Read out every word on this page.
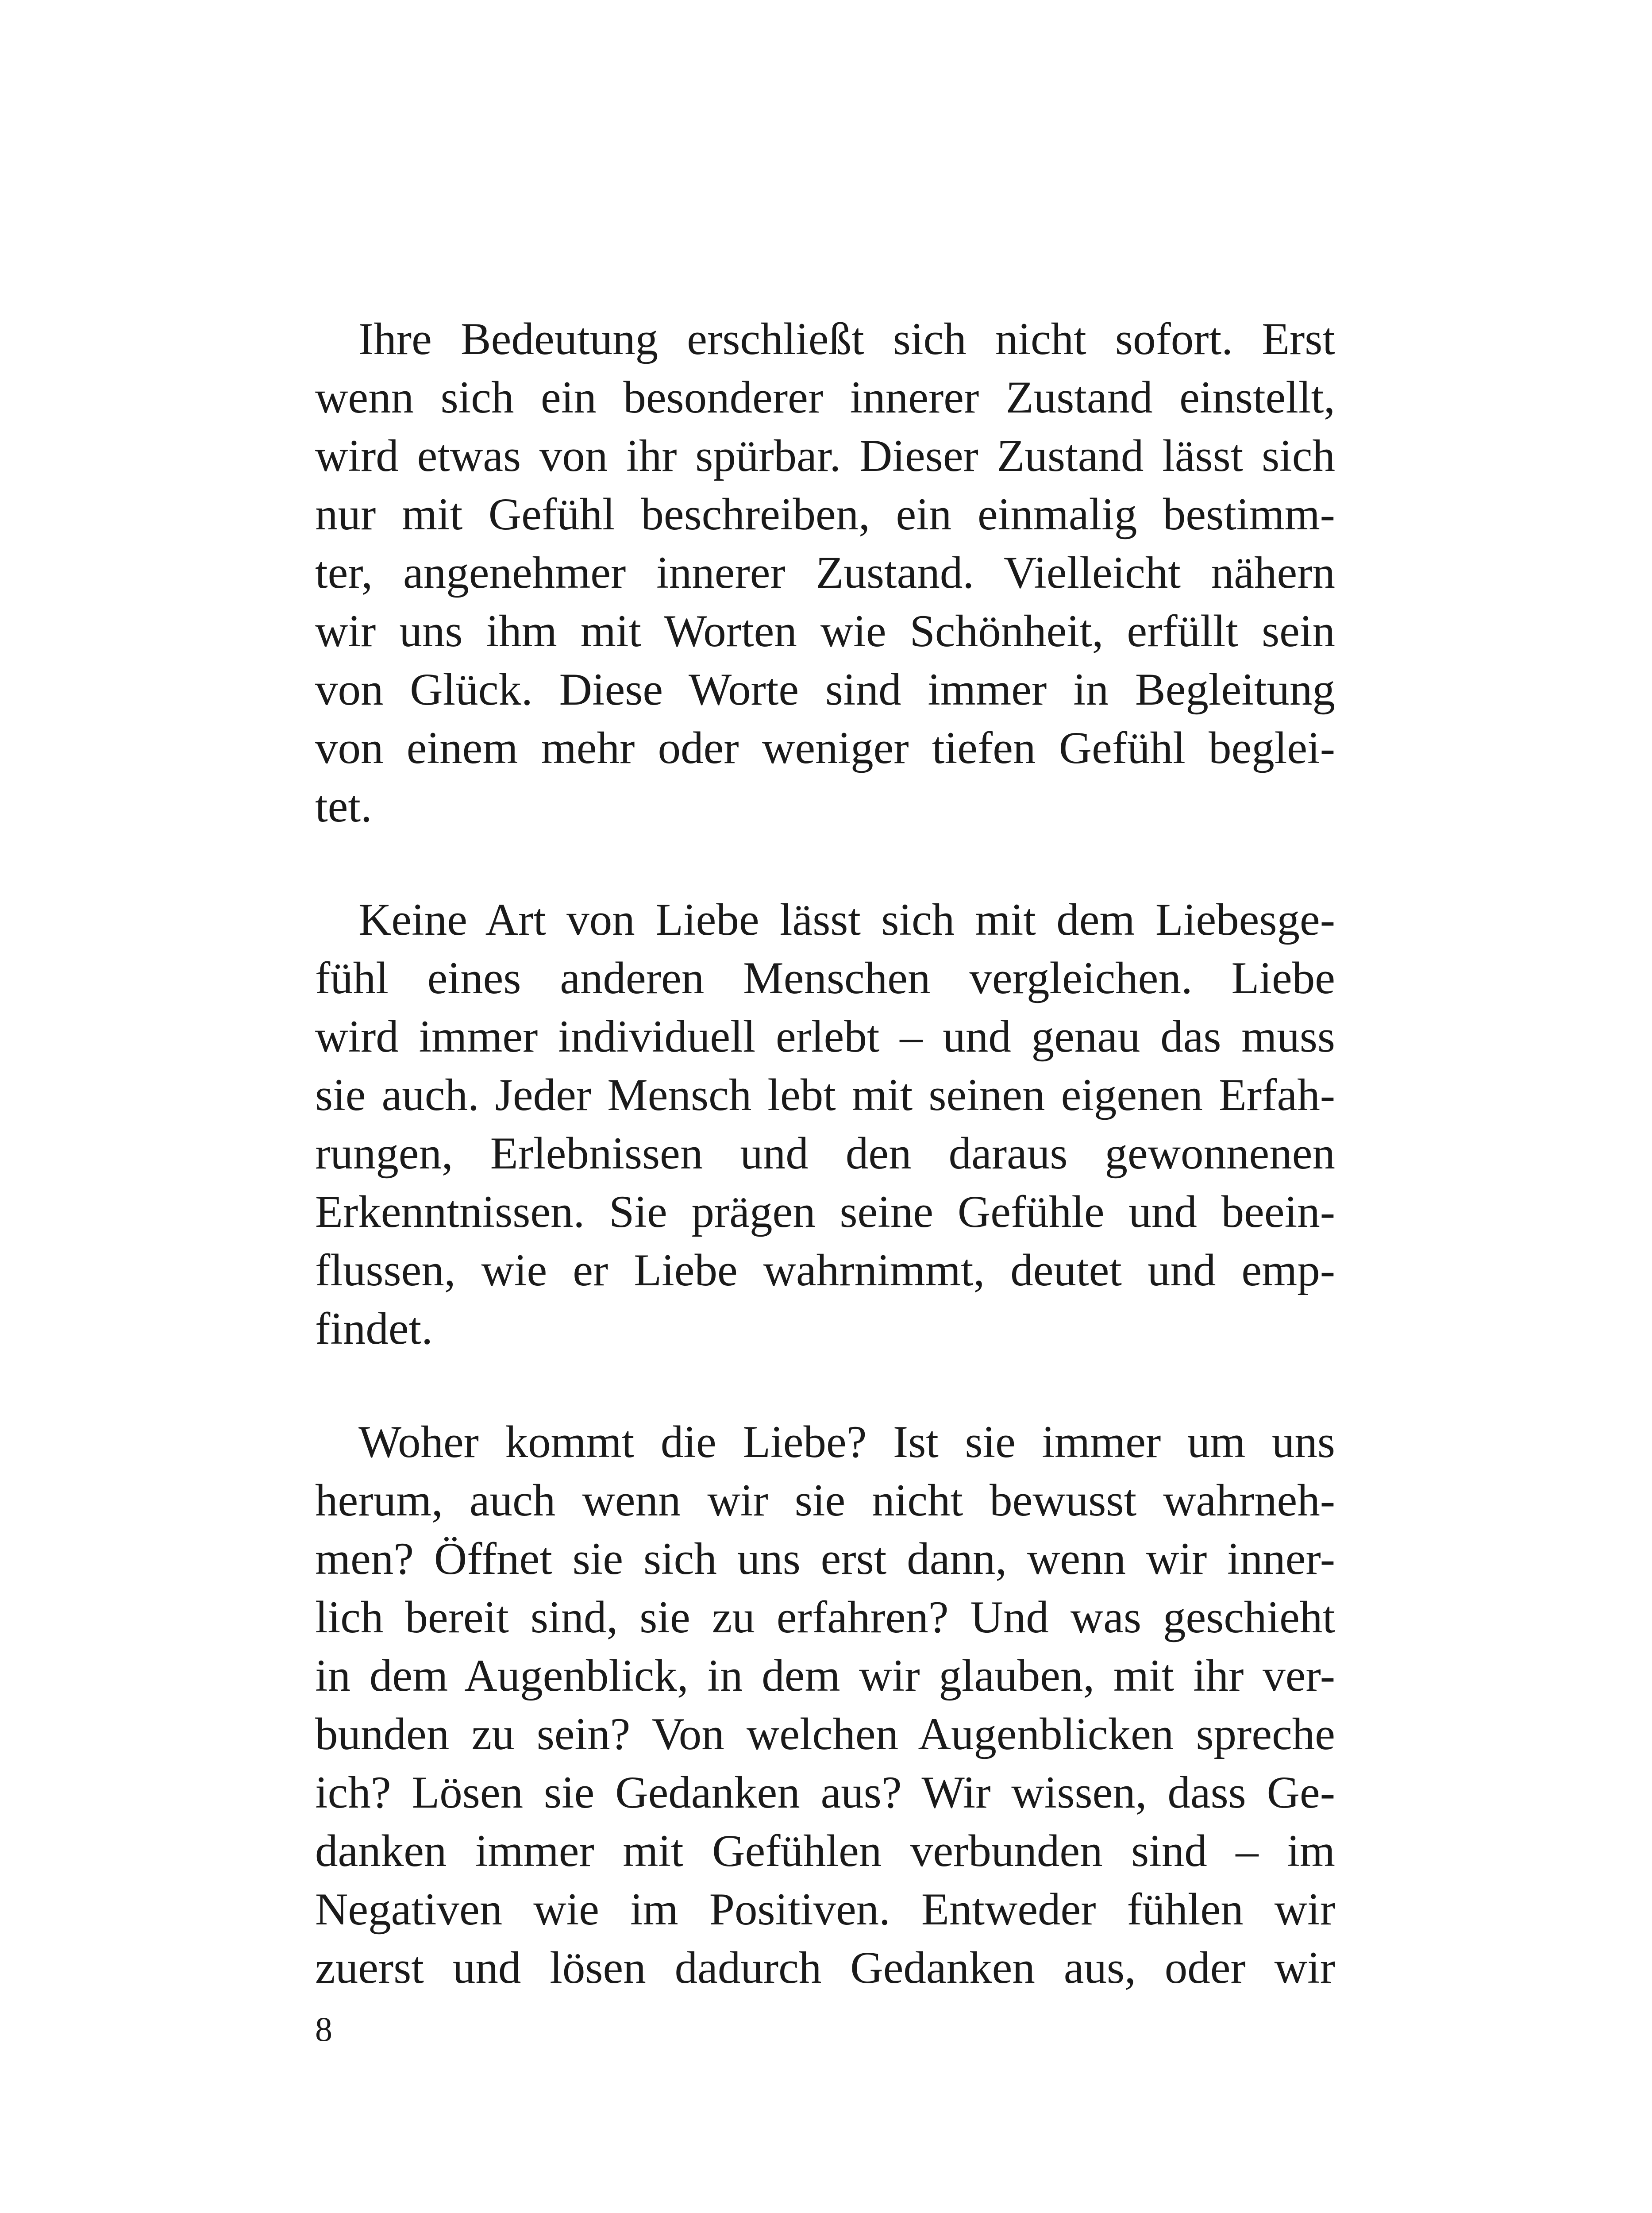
Ihre Bedeutung erschließt sich nicht sofort. Erst
wenn sich ein besonderer innerer Zustand einstellt,
wird etwas von ihr spürbar. Dieser Zustand lässt sich
nur mit Gefühl beschreiben, ein einmalig bestimm-
ter, angenehmer innerer Zustand. Vielleicht nähern
wir uns ihm mit Worten wie Schönheit, erfüllt sein
von Glück. Diese Worte sind immer in Begleitung
von einem mehr oder weniger tiefen Gefühl beglei-
tet.
Keine Art von Liebe lässt sich mit dem Liebesge-
fühl eines anderen Menschen vergleichen. Liebe
wird immer individuell erlebt – und genau das muss
sie auch. Jeder Mensch lebt mit seinen eigenen Erfah-
rungen, Erlebnissen und den daraus gewonnenen
Erkenntnissen. Sie prägen seine Gefühle und beein-
flussen, wie er Liebe wahrnimmt, deutet und emp-
findet.
Woher kommt die Liebe? Ist sie immer um uns
herum, auch wenn wir sie nicht bewusst wahrneh-
men? Öffnet sie sich uns erst dann, wenn wir inner-
lich bereit sind, sie zu erfahren? Und was geschieht
in dem Augenblick, in dem wir glauben, mit ihr ver-
bunden zu sein? Von welchen Augenblicken spreche
ich? Lösen sie Gedanken aus? Wir wissen, dass Ge-
danken immer mit Gefühlen verbunden sind – im
Negativen wie im Positiven. Entweder fühlen wir
zuerst und lösen dadurch Gedanken aus, oder wir
8
